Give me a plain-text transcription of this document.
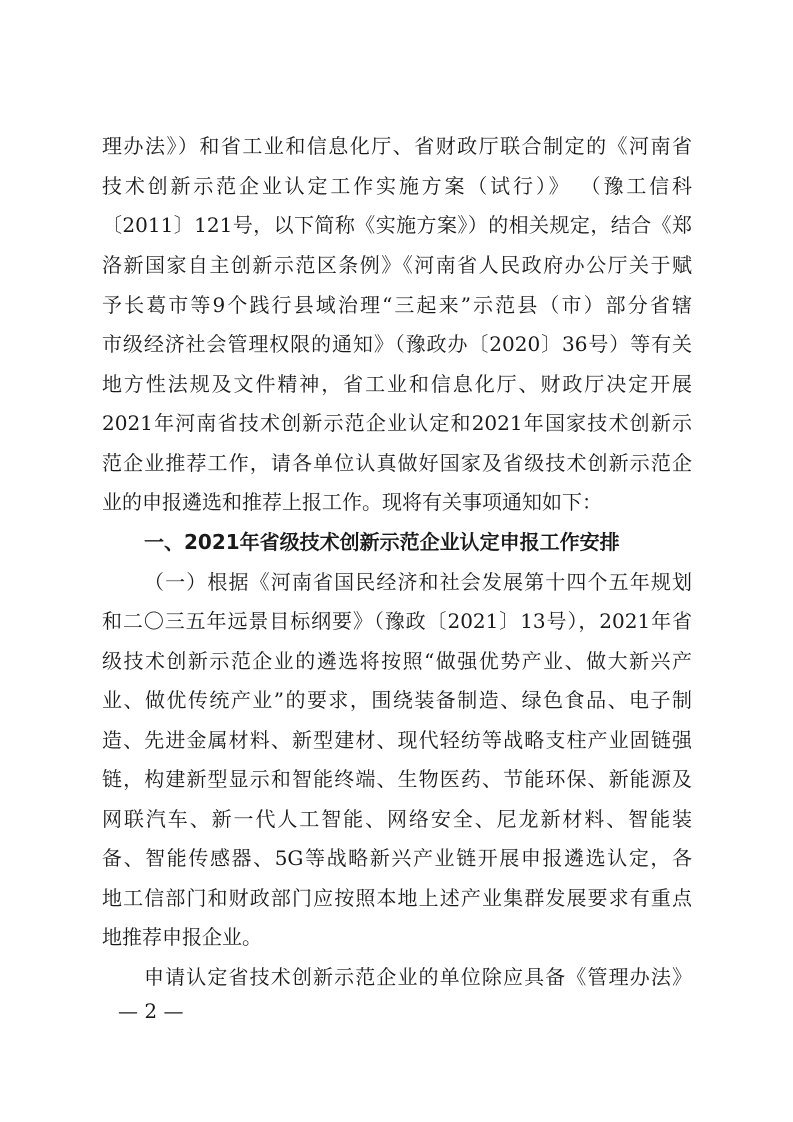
理办法》）和省工业和信息化厅、省财政厅联合制定的《河南省
技术创新示范企业认定工作实施方案（试行）》 （豫工信科
〔2011〕121号，以下简称《实施方案》）的相关规定，结合《郑
洛新国家自主创新示范区条例》《河南省人民政府办公厅关于赋
予长葛市等9个践行县域治理“三起来”示范县（市）部分省辖
市级经济社会管理权限的通知》（豫政办〔2020〕36号）等有关
地方性法规及文件精神，省工业和信息化厅、财政厅决定开展
2021年河南省技术创新示范企业认定和2021年国家技术创新示
范企业推荐工作，请各单位认真做好国家及省级技术创新示范企
业的申报遴选和推荐上报工作。现将有关事项通知如下：
一、2021年省级技术创新示范企业认定申报工作安排
（一）根据《河南省国民经济和社会发展第十四个五年规划
和二〇三五年远景目标纲要》（豫政〔2021〕13号），2021年省
级技术创新示范企业的遴选将按照“做强优势产业、做大新兴产
业、做优传统产业”的要求，围绕装备制造、绿色食品、电子制
造、先进金属材料、新型建材、现代轻纺等战略支柱产业固链强
链，构建新型显示和智能终端、生物医药、节能环保、新能源及
网联汽车、新一代人工智能、网络安全、尼龙新材料、智能装
备、智能传感器、5G等战略新兴产业链开展申报遴选认定，各
地工信部门和财政部门应按照本地上述产业集群发展要求有重点
地推荐申报企业。
申请认定省技术创新示范企业的单位除应具备《管理办法》
— 2 —
